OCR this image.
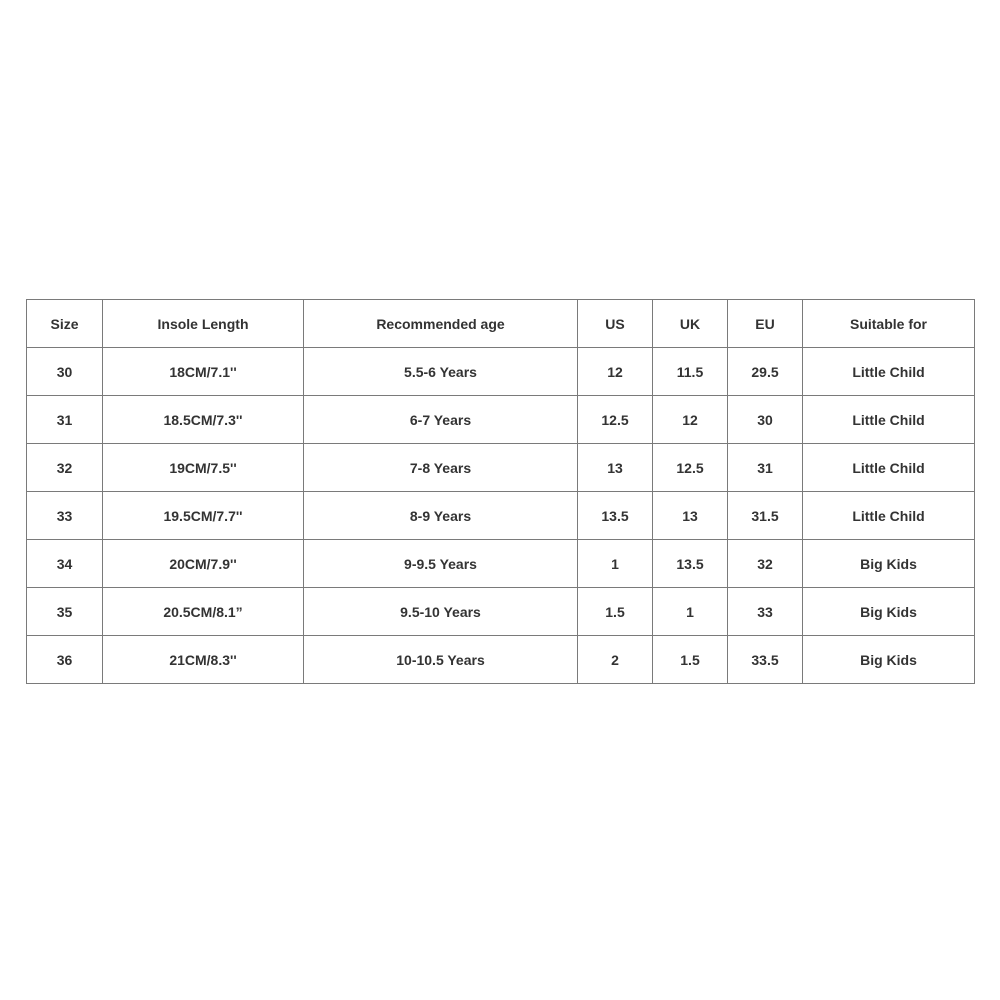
Size	Insole Length	Recommended age	US	UK	EU	Suitable for
30	18CM/7.1''	5.5-6 Years	12	11.5	29.5	Little Child
31	18.5CM/7.3''	6-7 Years	12.5	12	30	Little Child
32	19CM/7.5''	7-8 Years	13	12.5	31	Little Child
33	19.5CM/7.7''	8-9 Years	13.5	13	31.5	Little Child
34	20CM/7.9''	9-9.5 Years	1	13.5	32	Big Kids
35	20.5CM/8.1”	9.5-10 Years	1.5	1	33	Big Kids
36	21CM/8.3''	10-10.5 Years	2	1.5	33.5	Big Kids
